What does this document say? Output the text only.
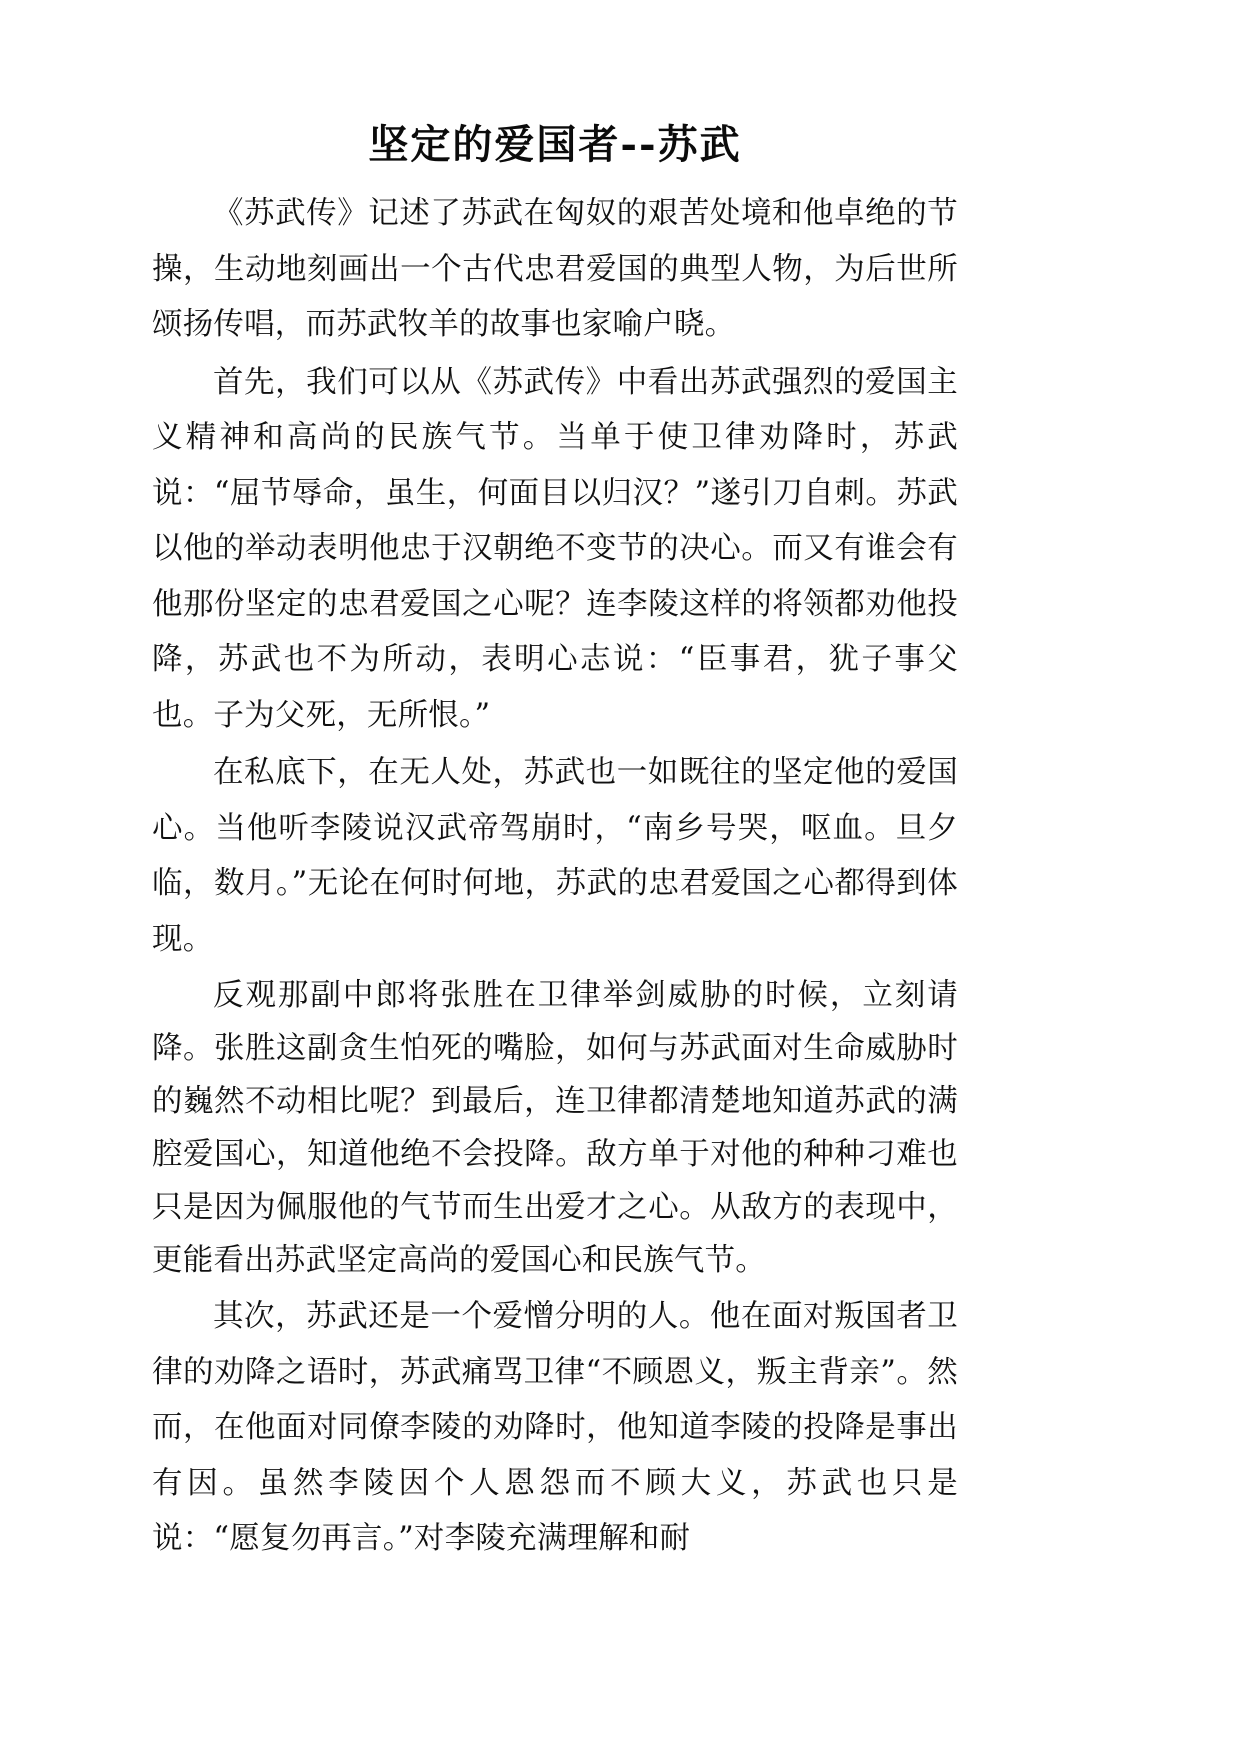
坚定的爱国者--苏武

《苏武传》记述了苏武在匈奴的艰苦处境和他卓绝的节操，生动地刻画出一个古代忠君爱国的典型人物，为后世所颂扬传唱，而苏武牧羊的故事也家喻户晓。

首先，我们可以从《苏武传》中看出苏武强烈的爱国主义精神和高尚的民族气节。当单于使卫律劝降时，苏武说：“屈节辱命，虽生，何面目以归汉？”遂引刀自刺。苏武以他的举动表明他忠于汉朝绝不变节的决心。而又有谁会有他那份坚定的忠君爱国之心呢？连李陵这样的将领都劝他投降，苏武也不为所动，表明心志说：“臣事君，犹子事父也。子为父死，无所恨。”

在私底下，在无人处，苏武也一如既往的坚定他的爱国心。当他听李陵说汉武帝驾崩时，“南乡号哭，呕血。旦夕临，数月。”无论在何时何地，苏武的忠君爱国之心都得到体现。

反观那副中郎将张胜在卫律举剑威胁的时候，立刻请降。张胜这副贪生怕死的嘴脸，如何与苏武面对生命威胁时的巍然不动相比呢？到最后，连卫律都清楚地知道苏武的满腔爱国心，知道他绝不会投降。敌方单于对他的种种刁难也只是因为佩服他的气节而生出爱才之心。从敌方的表现中，更能看出苏武坚定高尚的爱国心和民族气节。

其次，苏武还是一个爱憎分明的人。他在面对叛国者卫律的劝降之语时，苏武痛骂卫律“不顾恩义，叛主背亲”。然而，在他面对同僚李陵的劝降时，他知道李陵的投降是事出有因。虽然李陵因个人恩怨而不顾大义，苏武也只是说：“愿复勿再言。”对李陵充满理解和耐
